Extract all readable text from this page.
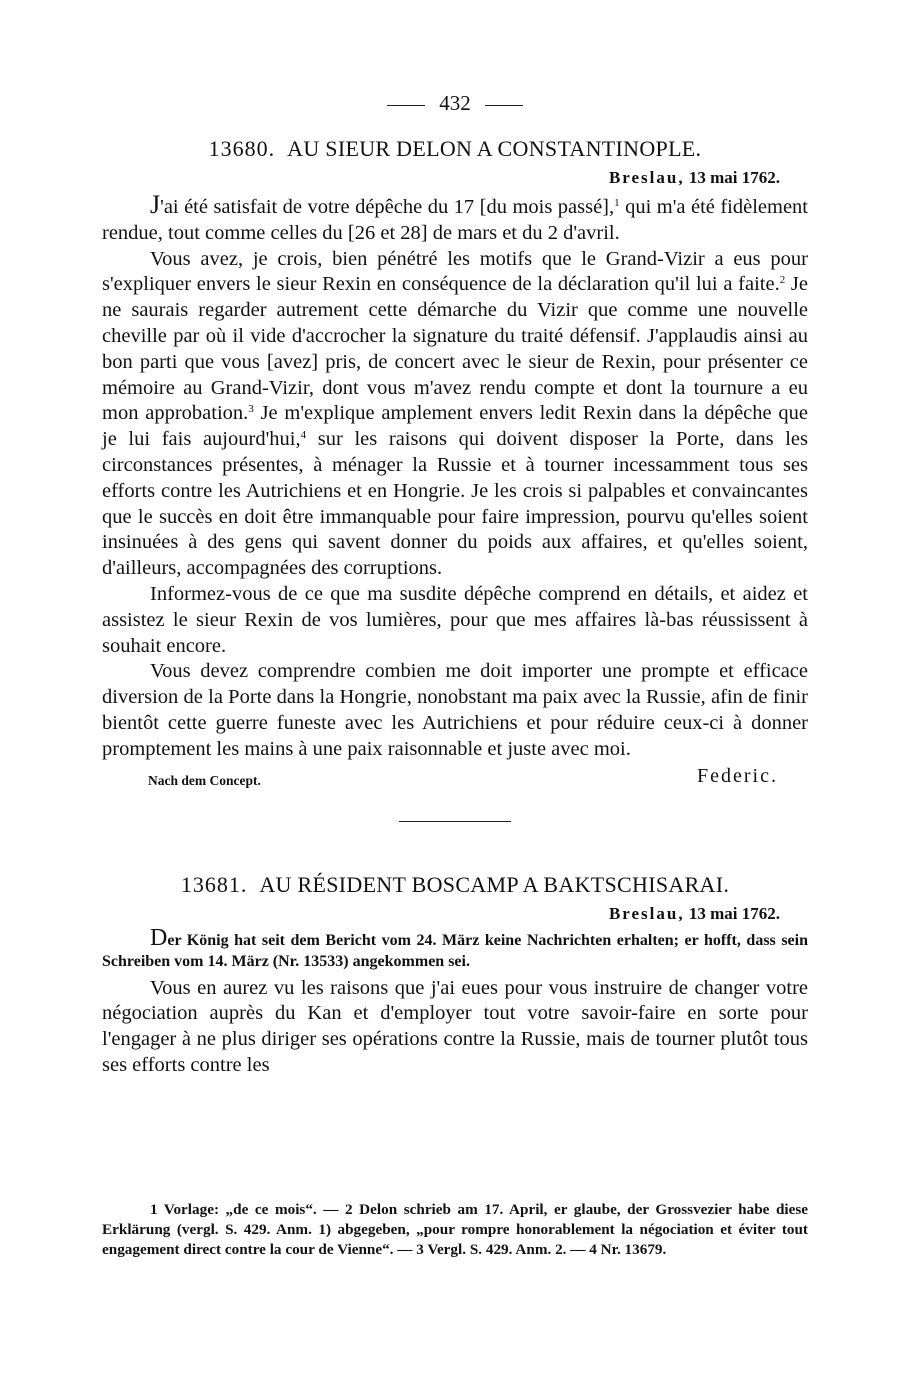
432
13680. AU SIEUR DELON A CONSTANTINOPLE.
Breslau, 13 mai 1762.

J'ai été satisfait de votre dépêche du 17 [du mois passé],$^1$ qui m'a été fidèlement rendue, tout comme celles du [26 et 28] de mars et du 2 d'avril.

Vous avez, je crois, bien pénétré les motifs que le Grand-Vizir a eus pour s'expliquer envers le sieur Rexin en conséquence de la déclaration qu'il lui a faite.$^2$ Je ne saurais regarder autrement cette démarche du Vizir que comme une nouvelle cheville par où il vide d'accrocher la signature du traité défensif. J'applaudis ainsi au bon parti que vous [avez] pris, de concert avec le sieur de Rexin, pour présenter ce mémoire au Grand-Vizir, dont vous m'avez rendu compte et dont la tournure a eu mon approbation.$^3$ Je m'explique amplement envers ledit Rexin dans la dépêche que je lui fais aujourd'hui,$^4$ sur les raisons qui doivent disposer la Porte, dans les circonstances présentes, à ménager la Russie et à tourner incessamment tous ses efforts contre les Autrichiens et en Hongrie. Je les crois si palpables et convaincantes que le succès en doit être immanquable pour faire impression, pourvu qu'elles soient insinuées à des gens qui savent donner du poids aux affaires, et qu'elles soient, d'ailleurs, accompagnées des corruptions.

Informez-vous de ce que ma susdite dépêche comprend en détails, et aidez et assistez le sieur Rexin de vos lumières, pour que mes affaires là-bas réussissent à souhait encore.

Vous devez comprendre combien me doit importer une prompte et efficace diversion de la Porte dans la Hongrie, nonobstant ma paix avec la Russie, afin de finir bientôt cette guerre funeste avec les Autrichiens et pour réduire ceux-ci à donner promptement les mains à une paix raisonnable et juste avec moi.

Nach dem Concept.	Federic.
13681. AU RÉSIDENT BOSCAMP A BAKTSCHISARAI.
Breslau, 13 mai 1762.

Der König hat seit dem Bericht vom 24. März keine Nachrichten erhalten; er hofft, dass sein Schreiben vom 14. März (Nr. 13533) angekommen sei.

Vous en aurez vu les raisons que j'ai eues pour vous instruire de changer votre négociation auprès du Kan et d'employer tout votre savoir-faire en sorte pour l'engager à ne plus diriger ses opérations contre la Russie, mais de tourner plutôt tous ses efforts contre les

1 Vorlage: „de ce mois“. — 2 Delon schrieb am 17. April, er glaube, der Grossvezier habe diese Erklärung (vergl. S. 429. Anm. 1) abgegeben, „pour rompre honorablement la négociation et éviter tout engagement direct contre la cour de Vienne“. — 3 Vergl. S. 429. Anm. 2. — 4 Nr. 13679.
